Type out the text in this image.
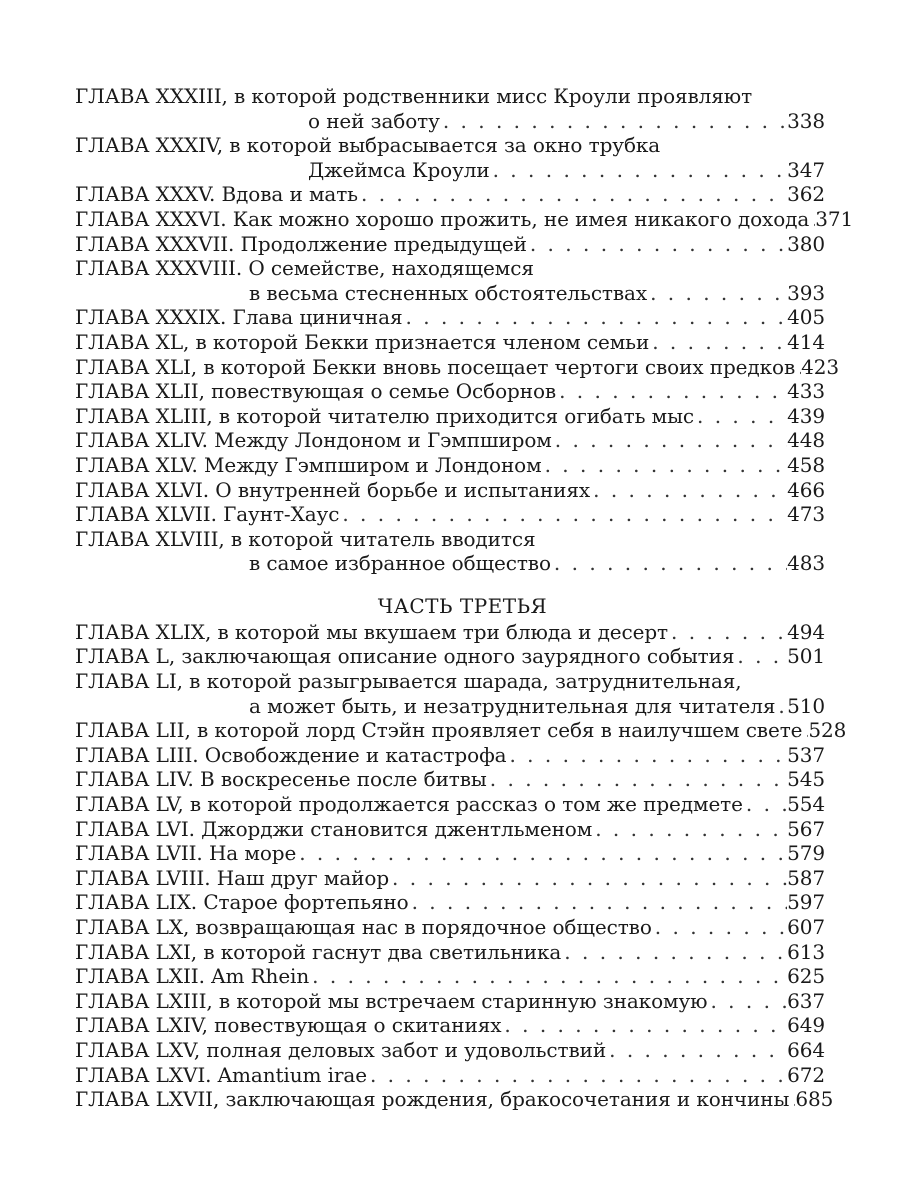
ГЛАВА XXXIII, в которой родственники мисс Кроули проявляют
о ней заботу . . .	338
ГЛАВА XXXIV, в которой выбрасывается за окно трубка
Джеймса Кроули . . .	347
ГЛАВА XXXV. Вдова и мать . . .	362
ГЛАВА XXXVI. Как можно хорошо прожить, не имея никакого дохода . . . 371
ГЛАВА XXXVII. Продолжение предыдущей . . .	380
ГЛАВА XXXVIII. О семействе, находящемся
в весьма стесненных обстоятельствах . . .	393
ГЛАВА XXXIX. Глава циничная . . .	405
ГЛАВА XL, в которой Бекки признается членом семьи . . .	414
ГЛАВА XLI, в которой Бекки вновь посещает чертоги своих предков . . . 423
ГЛАВА XLII, повествующая о семье Осборнов . . .	433
ГЛАВА XLIII, в которой читателю приходится огибать мыс . . .	439
ГЛАВА XLIV. Между Лондоном и Гэмпширом . . .	448
ГЛАВА XLV. Между Гэмпширом и Лондоном . . .	458
ГЛАВА XLVI. О внутренней борьбе и испытаниях . . .	466
ГЛАВА XLVII. Гаунт-Хаус . . .	473
ГЛАВА XLVIII, в которой читатель вводится
в самое избранное общество . . .	483
ЧАСТЬ ТРЕТЬЯ
ГЛАВА XLIX, в которой мы вкушаем три блюда и десерт . . .	494
ГЛАВА L, заключающая описание одного заурядного события . . .	501
ГЛАВА LI, в которой разыгрывается шарада, затруднительная,
а может быть, и незатруднительная для читателя . . . 510
ГЛАВА LII, в которой лорд Стэйн проявляет себя в наилучшем свете . . . 528
ГЛАВА LIII. Освобождение и катастрофа . . .	537
ГЛАВА LIV. В воскресенье после битвы . . .	545
ГЛАВА LV, в которой продолжается рассказ о том же предмете . . . 554
ГЛАВА LVI. Джорджи становится джентльменом . . .	567
ГЛАВА LVII. На море . . .	579
ГЛАВА LVIII. Наш друг майор . . .	587
ГЛАВА LIX. Старое фортепьяно . . .	597
ГЛАВА LX, возвращающая нас в порядочное общество . . .	607
ГЛАВА LXI, в которой гаснут два светильника . . .	613
ГЛАВА LXII. Am Rhein . . .	625
ГЛАВА LXIII, в которой мы встречаем старинную знакомую . . .	637
ГЛАВА LXIV, повествующая о скитаниях . . .	649
ГЛАВА LXV, полная деловых забот и удовольствий . . .	664
ГЛАВА LXVI. Amantium irae . . .	672
ГЛАВА LXVII, заключающая рождения, бракосочетания и кончины . . . 685
